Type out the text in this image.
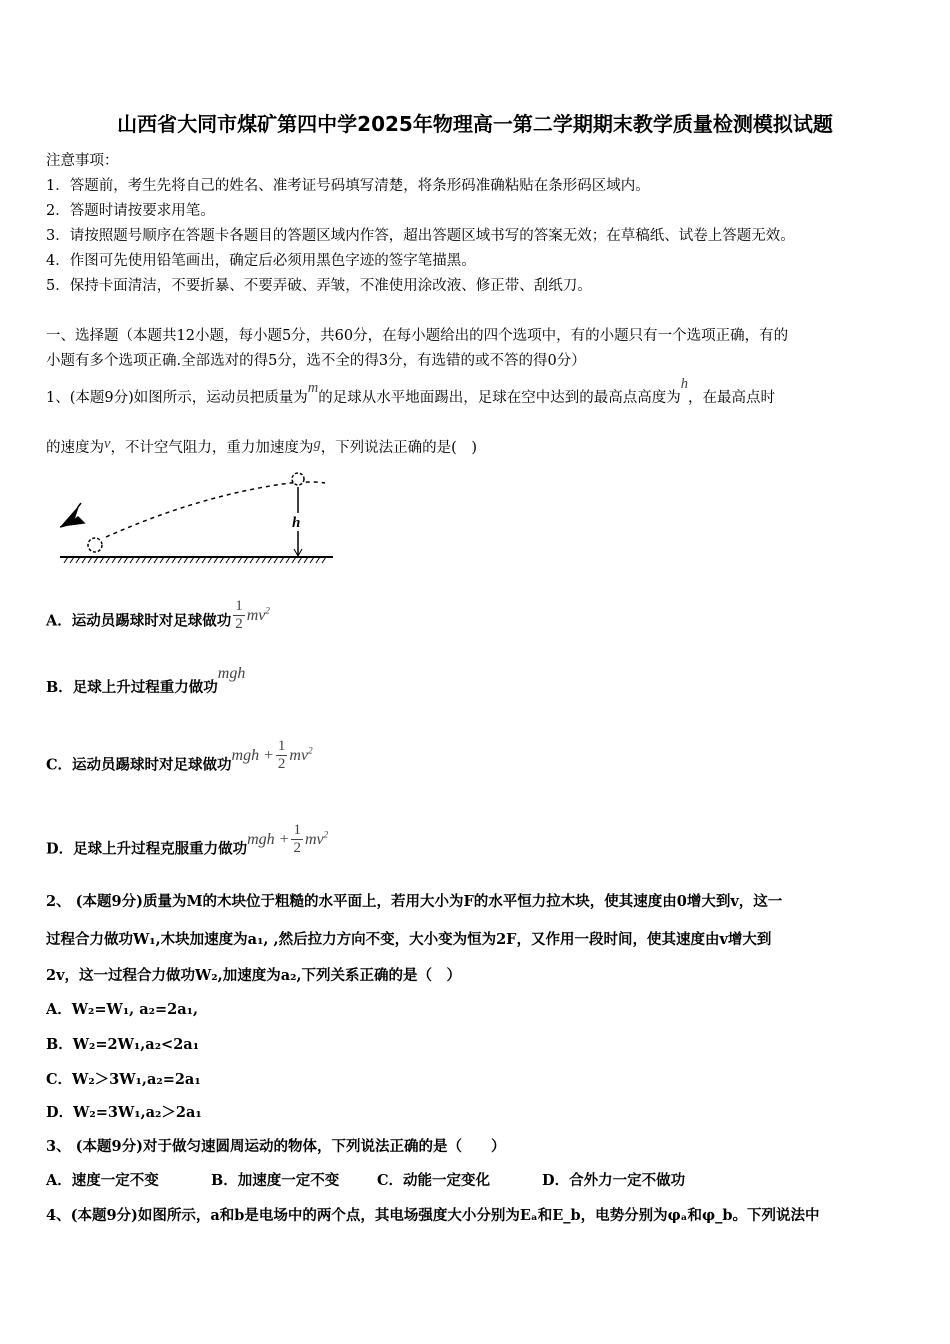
山西省大同市煤矿第四中学2025年物理高一第二学期期末教学质量检测模拟试题
注意事项：
1．答题前，考生先将自己的姓名、准考证号码填写清楚，将条形码准确粘贴在条形码区域内。
2．答题时请按要求用笔。
3．请按照题号顺序在答题卡各题目的答题区域内作答，超出答题区域书写的答案无效；在草稿纸、试卷上答题无效。
4．作图可先使用铅笔画出，确定后必须用黑色字迹的签字笔描黑。
5．保持卡面清洁，不要折暴、不要弄破、弄皱，不准使用涂改液、修正带、刮纸刀。
一、选择题（本题共12小题，每小题5分，共60分，在每小题给出的四个选项中，有的小题只有一个选项正确，有的
小题有多个选项正确.全部选对的得5分，选不全的得3分，有选错的或不答的得0分）
1、(本题9分)如图所示，运动员把质量为m的足球从水平地面踢出，足球在空中达到的最高点高度为h，在最高点时
的速度为v，不计空气阻力，重力加速度为g，下列说法正确的是(　)
h
A．运动员踢球时对足球做功 $\frac{1}{2} mv^2$
B．足球上升过程重力做功mgh
C．运动员踢球时对足球做功mgh + $\frac{1}{2} mv^2$
D．足球上升过程克服重力做功mgh + $\frac{1}{2} mv^2$
2、 (本题9分)质量为M的木块位于粗糙的水平面上，若用大小为F的水平恒力拉木块，使其速度由0增大到v，这一
过程合力做功W₁,木块加速度为a₁, ,然后拉力方向不变，大小变为恒为2F，又作用一段时间，使其速度由v增大到
2v，这一过程合力做功W₂,加速度为a₂,下列关系正确的是（　）
A．W₂=W₁, a₂=2a₁,
B．W₂=2W₁,a₂<2a₁
C．W₂＞3W₁,a₂=2a₁
D．W₂=3W₁,a₂＞2a₁
3、 (本题9分)对于做匀速圆周运动的物体，下列说法正确的是（　　）
A．速度一定不变	B．加速度一定不变	C．动能一定变化	D．合外力一定不做功
4、(本题9分)如图所示，a和b是电场中的两个点，其电场强度大小分别为Eₐ和E_b，电势分别为φₐ和φ_b。下列说法中
